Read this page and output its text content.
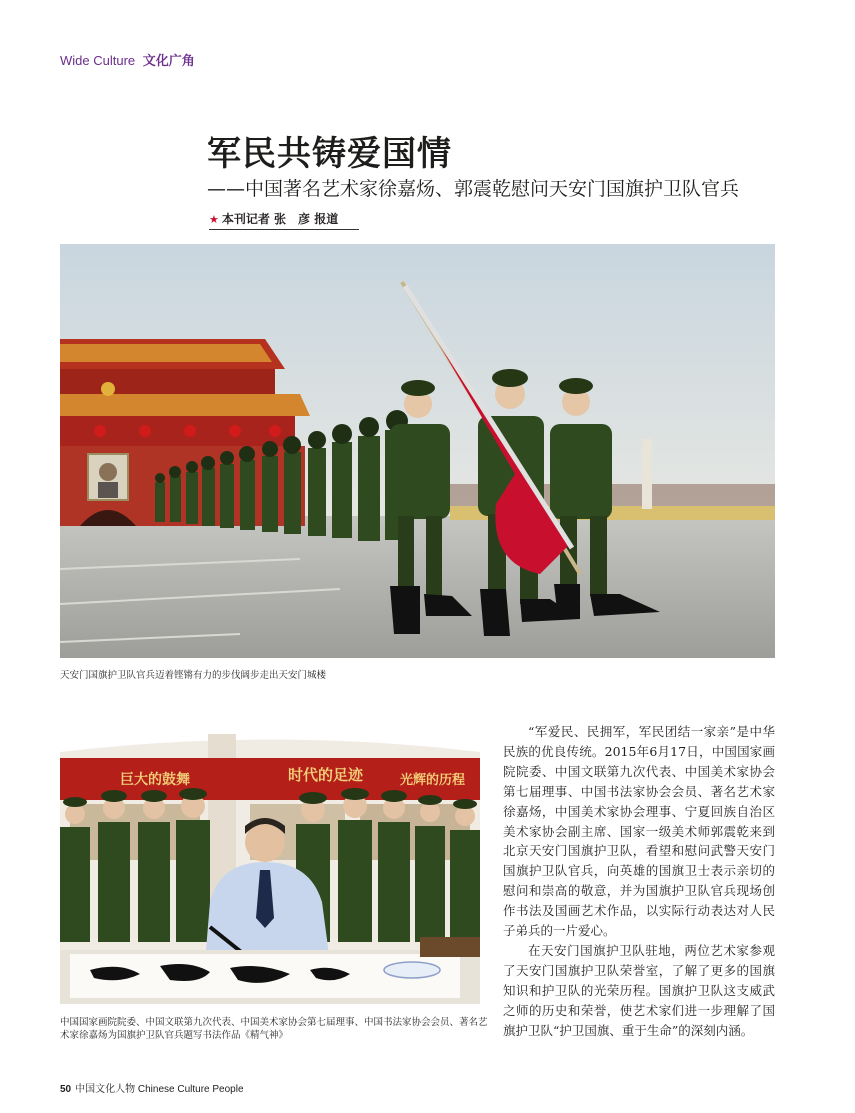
Wide Culture 文化广角
军民共铸爱国情
——中国著名艺术家徐嘉炀、郭震乾慰问天安门国旗护卫队官兵
★ 本刊记者 张　彦 报道
天安门国旗护卫队官兵迈着铿锵有力的步伐阔步走出天安门城楼
巨大的鼓舞	时代的足迹	光辉的历程
中国国家画院院委、中国文联第九次代表、中国美术家协会第七届理事、中国书法家协会会员、著名艺术家徐嘉炀为国旗护卫队官兵题写书法作品《精气神》

“军爱民、民拥军，军民团结一家亲”是中华民族的优良传统。2015年6月17日，中国国家画院院委、中国文联第九次代表、中国美术家协会第七届理事、中国书法家协会会员、著名艺术家徐嘉炀，中国美术家协会理事、宁夏回族自治区美术家协会副主席、国家一级美术师郭震乾来到北京天安门国旗护卫队，看望和慰问武警天安门国旗护卫队官兵，向英雄的国旗卫士表示亲切的慰问和崇高的敬意，并为国旗护卫队官兵现场创作书法及国画艺术作品，以实际行动表达对人民子弟兵的一片爱心。

在天安门国旗护卫队驻地，两位艺术家参观了天安门国旗护卫队荣誉室，了解了更多的国旗知识和护卫队的光荣历程。国旗护卫队这支威武之师的历史和荣誉，使艺术家们进一步理解了国旗护卫队“护卫国旗、重于生命”的深刻内涵。

50 中国文化人物 Chinese Culture People
